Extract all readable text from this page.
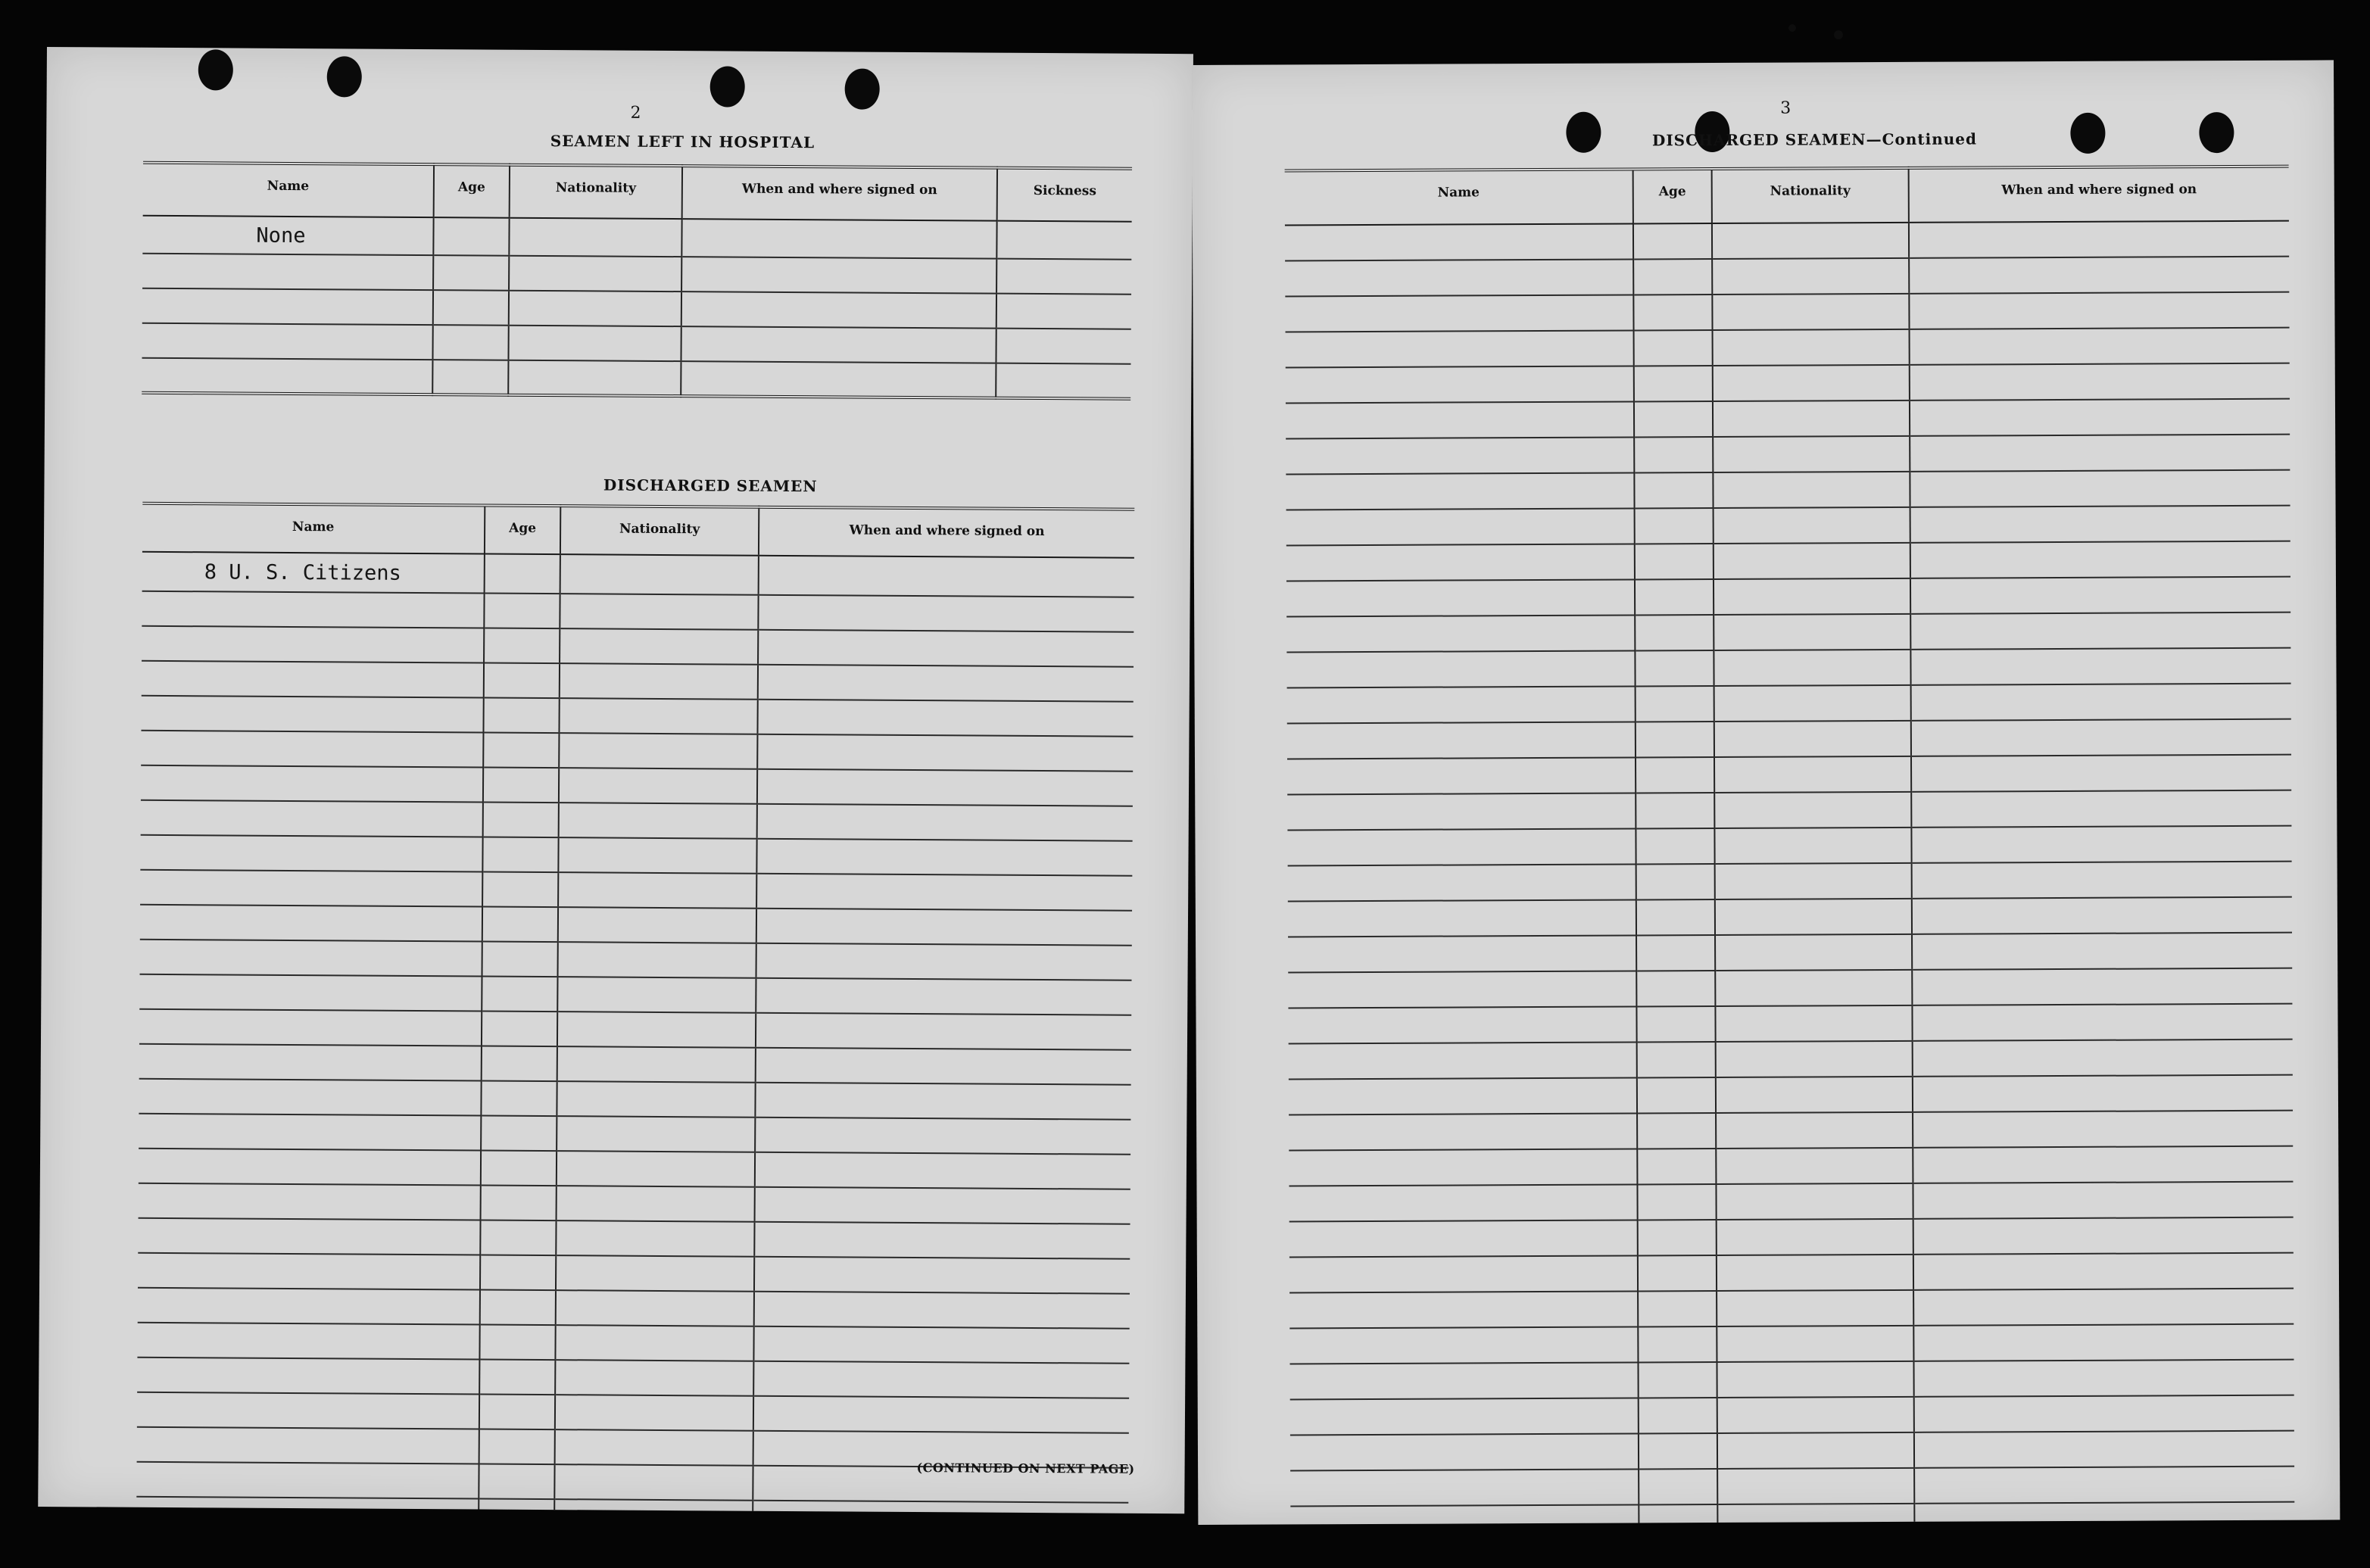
2
SEAMEN LEFT IN HOSPITAL
Name	Age	Nationality	When and where signed on	Sickness
None				

DISCHARGED SEAMEN
Name	Age	Nationality	When and where signed on
8 U. S. Citizens			

(CONTINUED ON NEXT PAGE)
3
DISCHARGED SEAMEN—Continued
Name	Age	Nationality	When and where signed on
